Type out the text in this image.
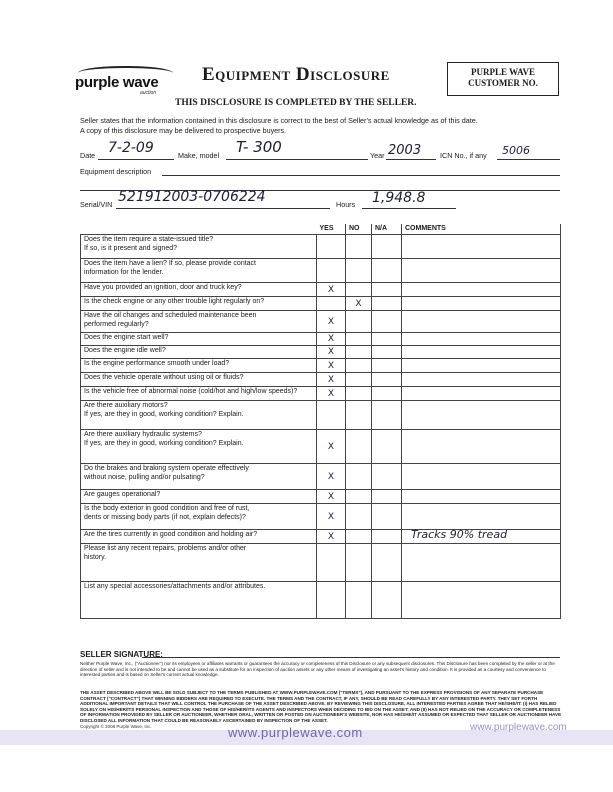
purple wave
auction
Equipment Disclosure
THIS DISCLOSURE IS COMPLETED BY THE SELLER.
PURPLE WAVE
CUSTOMER NO.
Seller states that the information contained in this disclosure is correct to the best of Seller's actual knowledge as of this date.
A copy of this disclosure may be delivered to prospective buyers.
Date 7-2-09	Make, model T- 300	Year 2003	ICN No., if any 5006
Equipment description
Serial/VIN 521912003-0706224	Hours 1,948.8
	YES	NO	N/A	COMMENTS

Does the item require a state-issued title?
If so, is it present and signed?				

Does the item have a lien? If so, please provide contact
information for the lender.				

Have you provided an ignition, door and truck key?	X			

Is the check engine or any other trouble light regularly on?		X		

Have the oil changes and scheduled maintenance been
performed regularly?	X			

Does the engine start well?	X			

Does the engine idle well?	X			

Is the engine performance smooth under load?	X			

Does the vehicle operate without using oil or fluids?	X			

Is the vehicle free of abnormal noise (cold/hot and high/low speeds)?	X			

Are there auxiliary motors?
If yes, are they in good, working condition? Explain.				

Are there auxiliary hydraulic systems?
If yes, are they in good, working condition? Explain.	X			

Do the brakes and braking system operate effectively
without noise, pulling and/or pulsating?	X			

Are gauges operational?	X			

Is the body exterior in good condition and free of rust,
dents or missing body parts (if not, explain defects)?	X			

Are the tires currently in good condition and holding air?	X			Tracks 90% tread

Please list any recent repairs, problems and/or other
history.				

List any special accessories/attachments and/or attributes.				

SELLER SIGNATURE:
Neither Purple Wave, Inc., ("Auctioneer") nor its employees or affiliates warrants or guarantees the accuracy or completeness of this Disclosure or any subsequent disclosures. This Disclosure has been completed by the seller or at the direction of seller and is not intended to be and cannot be used as a substitute for an inspection of auction assets or any other means of investigating an asset's history and condition. It is provided as a courtesy and convenience to interested parties and is based on Seller's current actual knowledge.
THE ASSET DESCRIBED ABOVE WILL BE SOLD SUBJECT TO THE TERMS PUBLISHED AT WWW.PURPLEWAVE.COM ("TERMS"), AND PURSUANT TO THE EXPRESS PROVISIONS OF ANY SEPARATE PURCHASE CONTRACT ("CONTRACT") THAT WINNING BIDDERS ARE REQUIRED TO EXECUTE. THE TERMS AND THE CONTRACT, IF ANY, SHOULD BE READ CAREFULLY BY ANY INTERESTED PARTY. THEY SET FORTH ADDITIONAL IMPORTANT DETAILS THAT WILL CONTROL THE PURCHASE OF THE ASSET DESCRIBED ABOVE. BY REVIEWING THIS DISCLOSURE, ALL INTERESTED PARTIES AGREE THAT HE/SHE/IT: (I) HAS RELIED SOLELY ON HIS/HER/ITS PERSONAL INSPECTION AND THOSE OF HIS/HER/ITS AGENTS AND INSPECTORS WHEN DECIDING TO BID ON THE ASSET; AND (II) HAS NOT RELIED ON THE ACCURACY OR COMPLETENESS OF INFORMATION PROVIDED BY SELLER OR AUCTIONEER, WHETHER ORAL, WRITTEN OR POSTED ON AUCTIONEER'S WEBSITE, NOR HAS HE/SHE/IT ASSUMED OR EXPECTED THAT SELLER OR AUCTIONEER HAVE DISCLOSED ALL INFORMATION THAT COULD BE REASONABLY ASCERTAINED BY INSPECTION OF THE ASSET.
Copyright © 2008 Purple Wave, Inc.	www.purplewave.com	www.purplewave.com
